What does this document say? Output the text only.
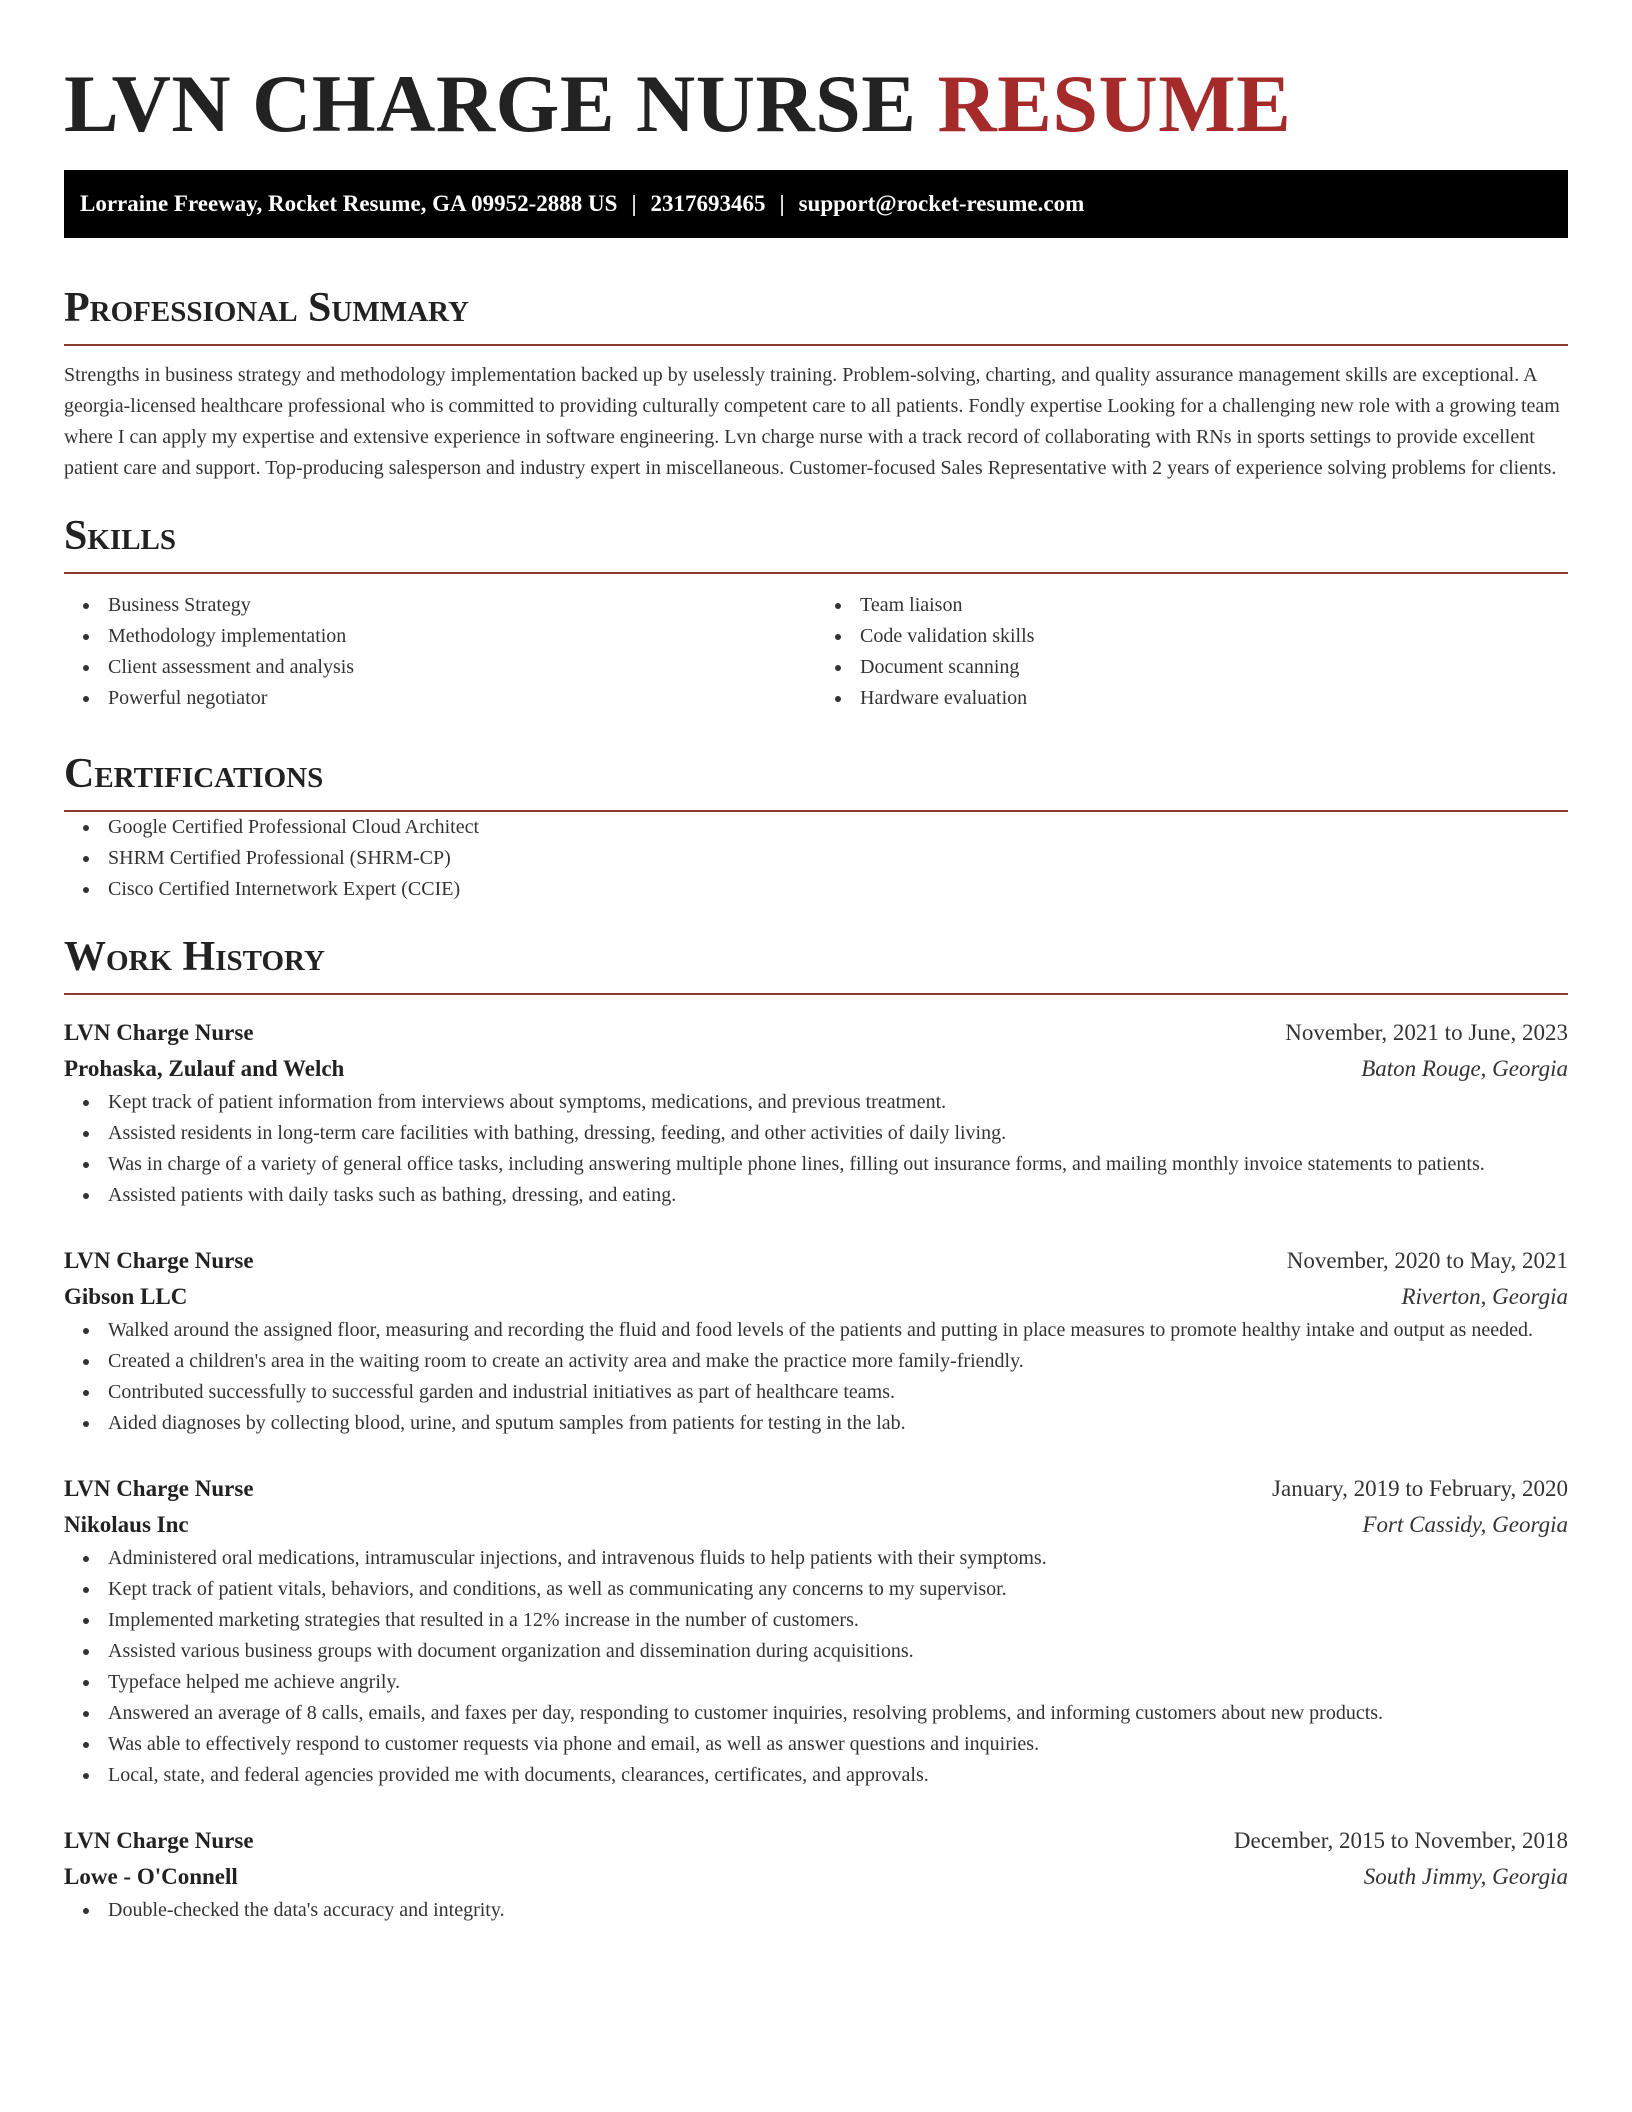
LVN CHARGE NURSE RESUME
Lorraine Freeway, Rocket Resume, GA 09952-2888 US | 2317693465 | support@rocket-resume.com
Professional Summary

Strengths in business strategy and methodology implementation backed up by uselessly training. Problem-solving, charting, and quality assurance management skills are exceptional. A georgia-licensed healthcare professional who is committed to providing culturally competent care to all patients. Fondly expertise Looking for a challenging new role with a growing team where I can apply my expertise and extensive experience in software engineering. Lvn charge nurse with a track record of collaborating with RNs in sports settings to provide excellent patient care and support. Top-producing salesperson and industry expert in miscellaneous. Customer-focused Sales Representative with 2 years of experience solving problems for clients.

Skills
Business Strategy
Methodology implementation
Client assessment and analysis
Powerful negotiator
Team liaison
Code validation skills
Document scanning
Hardware evaluation
Certifications
Google Certified Professional Cloud Architect
SHRM Certified Professional (SHRM-CP)
Cisco Certified Internetwork Expert (CCIE)
Work History
LVN Charge Nurse	November, 2021 to June, 2023
Prohaska, Zulauf and Welch	Baton Rouge, Georgia
Kept track of patient information from interviews about symptoms, medications, and previous treatment.
Assisted residents in long-term care facilities with bathing, dressing, feeding, and other activities of daily living.
Was in charge of a variety of general office tasks, including answering multiple phone lines, filling out insurance forms, and mailing monthly invoice statements to patients.
Assisted patients with daily tasks such as bathing, dressing, and eating.
LVN Charge Nurse	November, 2020 to May, 2021
Gibson LLC	Riverton, Georgia
Walked around the assigned floor, measuring and recording the fluid and food levels of the patients and putting in place measures to promote healthy intake and output as needed.
Created a children's area in the waiting room to create an activity area and make the practice more family-friendly.
Contributed successfully to successful garden and industrial initiatives as part of healthcare teams.
Aided diagnoses by collecting blood, urine, and sputum samples from patients for testing in the lab.
LVN Charge Nurse	January, 2019 to February, 2020
Nikolaus Inc	Fort Cassidy, Georgia
Administered oral medications, intramuscular injections, and intravenous fluids to help patients with their symptoms.
Kept track of patient vitals, behaviors, and conditions, as well as communicating any concerns to my supervisor.
Implemented marketing strategies that resulted in a 12% increase in the number of customers.
Assisted various business groups with document organization and dissemination during acquisitions.
Typeface helped me achieve angrily.
Answered an average of 8 calls, emails, and faxes per day, responding to customer inquiries, resolving problems, and informing customers about new products.
Was able to effectively respond to customer requests via phone and email, as well as answer questions and inquiries.
Local, state, and federal agencies provided me with documents, clearances, certificates, and approvals.
LVN Charge Nurse	December, 2015 to November, 2018
Lowe - O'Connell	South Jimmy, Georgia
Double-checked the data's accuracy and integrity.
